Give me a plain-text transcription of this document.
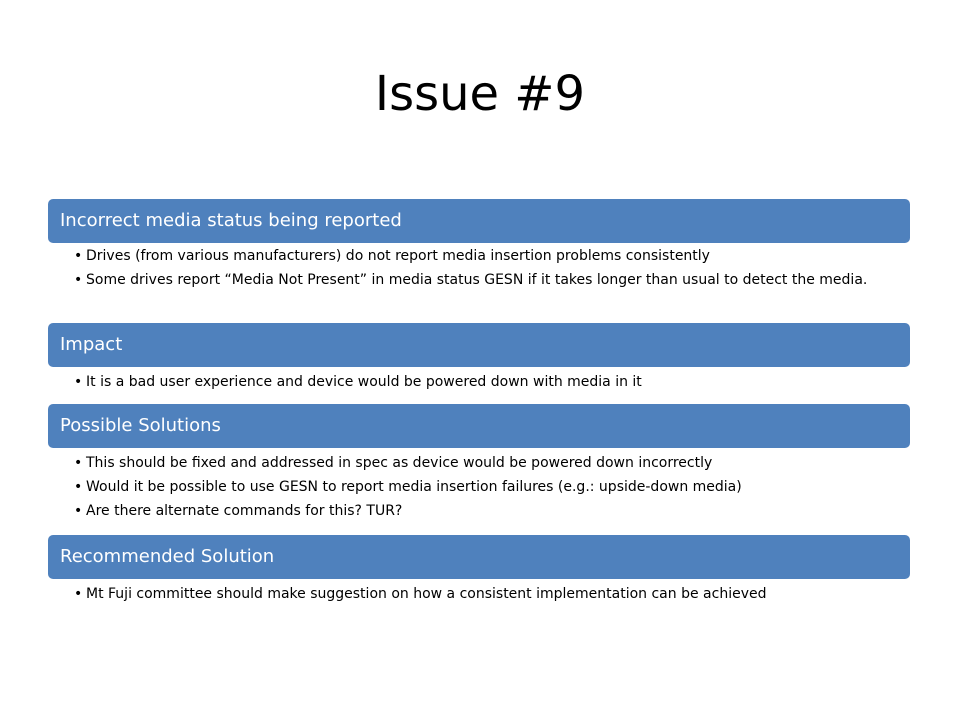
Issue #9
Incorrect media status being reported
• Drives (from various manufacturers) do not report media insertion problems consistently
• Some drives report “Media Not Present” in media status GESN if it takes longer than usual to detect the media.
Impact
• It is a bad user experience and device would be powered down with media in it
Possible Solutions
• This should be fixed and addressed in spec as device would be powered down incorrectly
• Would it be possible to use GESN to report media insertion failures (e.g.: upside-down media)
• Are there alternate commands for this? TUR?
Recommended Solution
• Mt Fuji committee should make suggestion on how a consistent implementation can be achieved
